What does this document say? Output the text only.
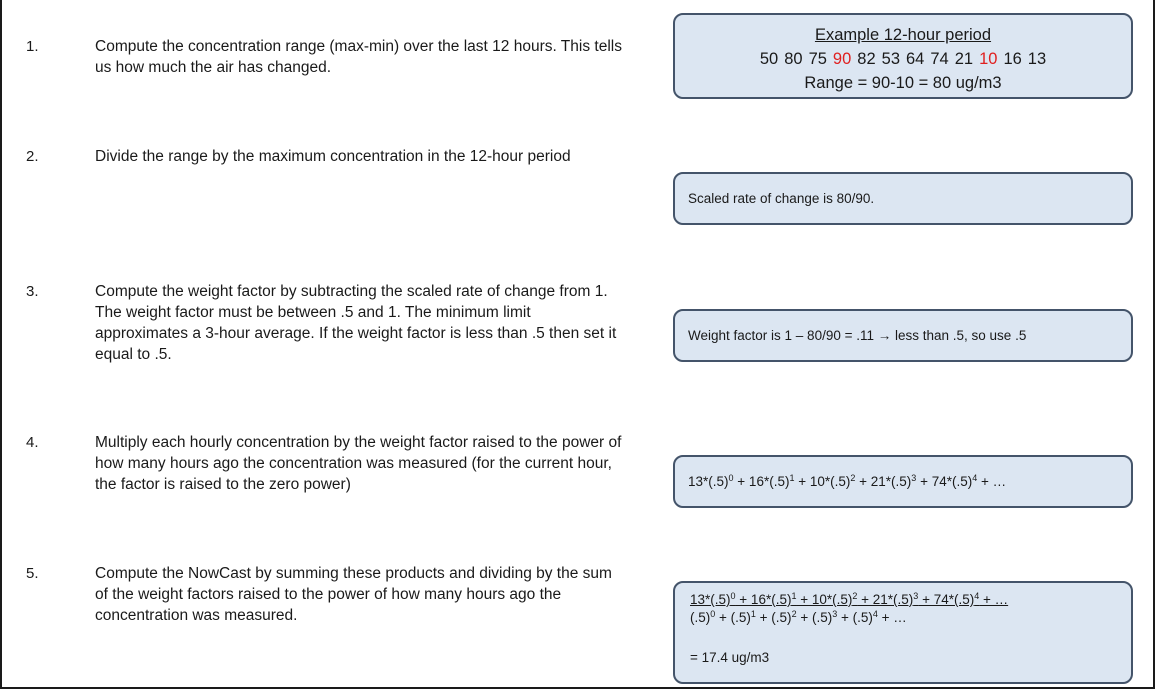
1.	Compute the concentration range (max-min) over the last 12 hours. This tells us how much the air has changed.
2.	Divide the range by the maximum concentration in the 12-hour period
3.	Compute the weight factor by subtracting the scaled rate of change from 1. The weight factor must be between .5 and 1. The minimum limit approximates a 3-hour average. If the weight factor is less than .5 then set it equal to .5.
4.	Multiply each hourly concentration by the weight factor raised to the power of how many hours ago the concentration was measured (for the current hour, the factor is raised to the zero power)
5.	Compute the NowCast by summing these products and dividing by the sum of the weight factors raised to the power of how many hours ago the concentration was measured.
Example 12-hour period
50 80 75 90 82 53 64 74 21 10 16 13
Range = 90-10 = 80 ug/m3
Scaled rate of change is 80/90.
Weight factor is 1 – 80/90 = .11 → less than .5, so use .5
$13*(.5)^0 + 16*(.5)^1 + 10*(.5)^2 + 21*(.5)^3 + 74*(.5)^4$ + …
$13*(.5)^0 + 16*(.5)^1 + 10*(.5)^2 + 21*(.5)^3 + 74*(.5)^4$ + …
$(.5)^0 + (.5)^1 + (.5)^2 + (.5)^3 + (.5)^4$ + …
= 17.4 ug/m3
